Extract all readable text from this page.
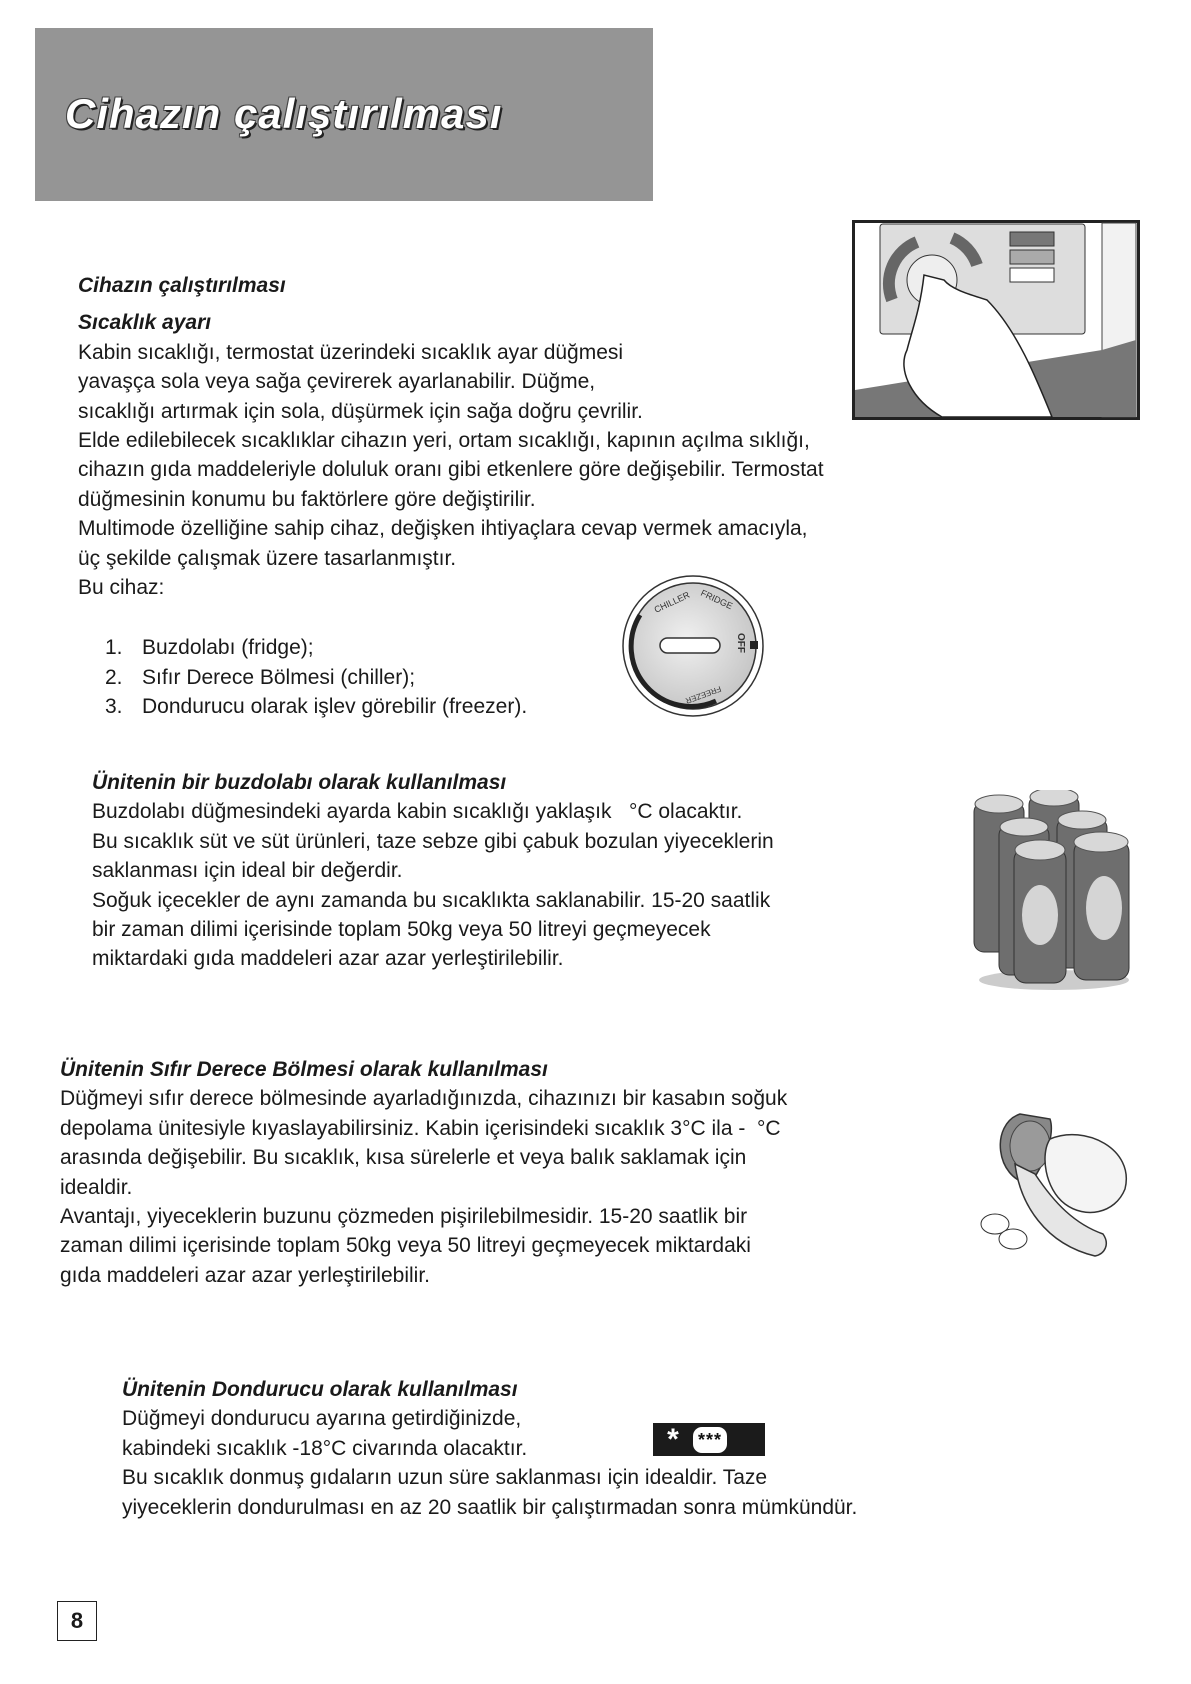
Cihazın çalıştırılması
Cihazın çalıştırılması
Sıcaklık ayarı
Kabin sıcaklığı, termostat üzerindeki sıcaklık ayar düğmesi
yavaşça sola veya sağa çevirerek ayarlanabilir. Düğme,
sıcaklığı artırmak için sola, düşürmek için sağa doğru çevrilir.
Elde edilebilecek sıcaklıklar cihazın yeri, ortam sıcaklığı, kapının açılma sıklığı,
cihazın gıda maddeleriyle doluluk oranı gibi etkenlere göre değişebilir. Termostat
düğmesinin konumu bu faktörlere göre değiştirilir.
Multimode özelliğine sahip cihaz, değişken ihtiyaçlara cevap vermek amacıyla,
üç şekilde çalışmak üzere tasarlanmıştır.
Bu cihaz:
1. Buzdolabı (fridge);
2. Sıfır Derece Bölmesi (chiller);
3. Dondurucu olarak işlev görebilir (freezer).
CHILLER FRIDGE
OFF
FREEZER
Ünitenin bir buzdolabı olarak kullanılması
Buzdolabı düğmesindeki ayarda kabin sıcaklığı yaklaşık   °C olacaktır.
Bu sıcaklık süt ve süt ürünleri, taze sebze gibi çabuk bozulan yiyeceklerin
saklanması için ideal bir değerdir.
Soğuk içecekler de aynı zamanda bu sıcaklıkta saklanabilir. 15-20 saatlik
bir zaman dilimi içerisinde toplam 50kg veya 50 litreyi geçmeyecek
miktardaki gıda maddeleri azar azar yerleştirilebilir.
Ünitenin Sıfır Derece Bölmesi olarak kullanılması
Düğmeyi sıfır derece bölmesinde ayarladığınızda, cihazınızı bir kasabın soğuk
depolama ünitesiyle kıyaslayabilirsiniz. Kabin içerisindeki sıcaklık 3°C ila -  °C
arasında değişebilir. Bu sıcaklık, kısa sürelerle et veya balık saklamak için
idealdir.
Avantajı, yiyeceklerin buzunu çözmeden pişirilebilmesidir. 15-20 saatlik bir
zaman dilimi içerisinde toplam 50kg veya 50 litreyi geçmeyecek miktardaki
gıda maddeleri azar azar yerleştirilebilir.
Ünitenin Dondurucu olarak kullanılması
Düğmeyi dondurucu ayarına getirdiğinizde,
kabindeki sıcaklık -18°C civarında olacaktır.
Bu sıcaklık donmuş gıdaların uzun süre saklanması için idealdir. Taze
yiyeceklerin dondurulması en az 20 saatlik bir çalıştırmadan sonra mümkündür.
*	***
8
